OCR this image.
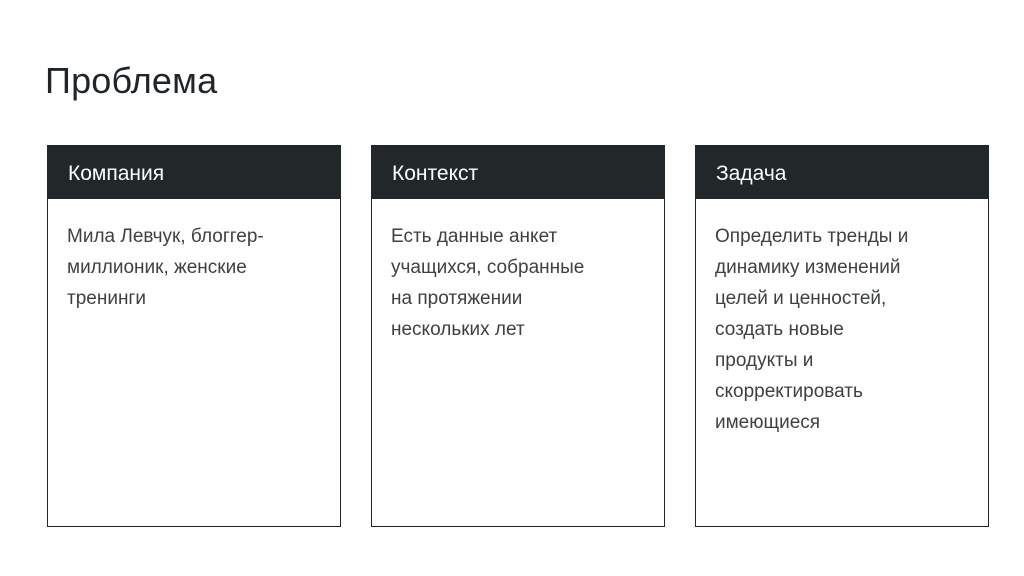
Проблема
Компания
Мила Левчук, блоггер-
миллионик, женские
тренинги
Контекст
Есть данные анкет
учащихся, собранные
на протяжении
нескольких лет
Задача
Определить тренды и
динамику изменений
целей и ценностей,
создать новые
продукты и
скорректировать
имеющиеся
